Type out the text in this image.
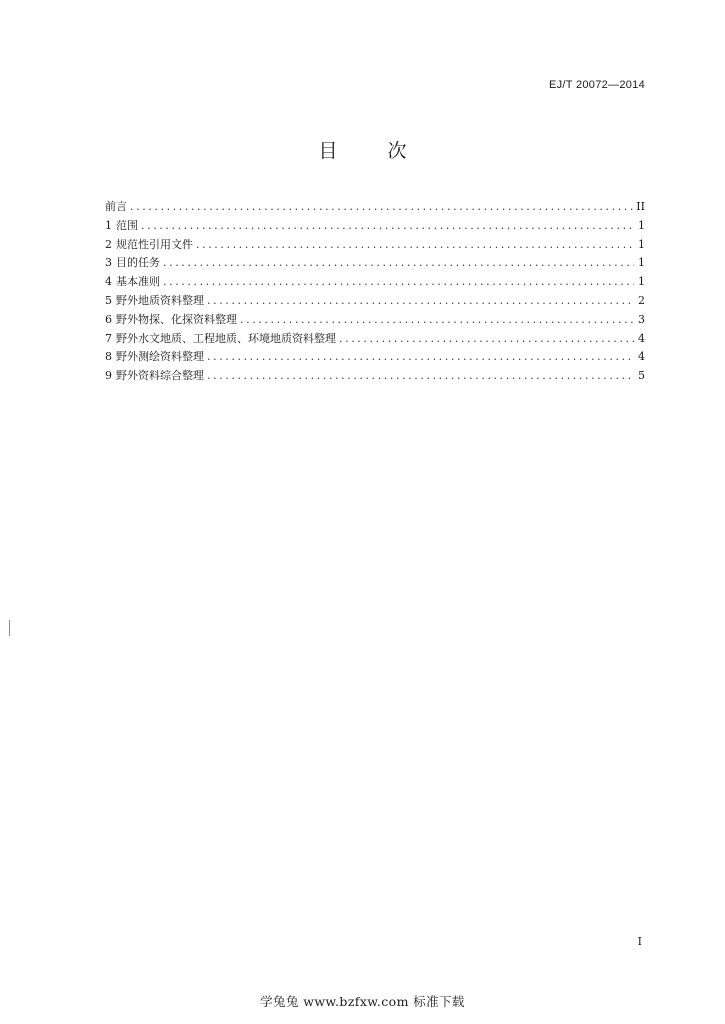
EJ/T 20072—2014
目 次
前言 .....	II
1 范围 .....	1
2 规范性引用文件 .....	1
3 目的任务 .....	1
4 基本准则 .....	1
5 野外地质资料整理 .....	2
6 野外物探、化探资料整理 .....	3
7 野外水文地质、工程地质、环境地质资料整理 .....	4
8 野外测绘资料整理 .....	4
9 野外资料综合整理 .....	5
I
学兔兔 www.bzfxw.com 标准下载
